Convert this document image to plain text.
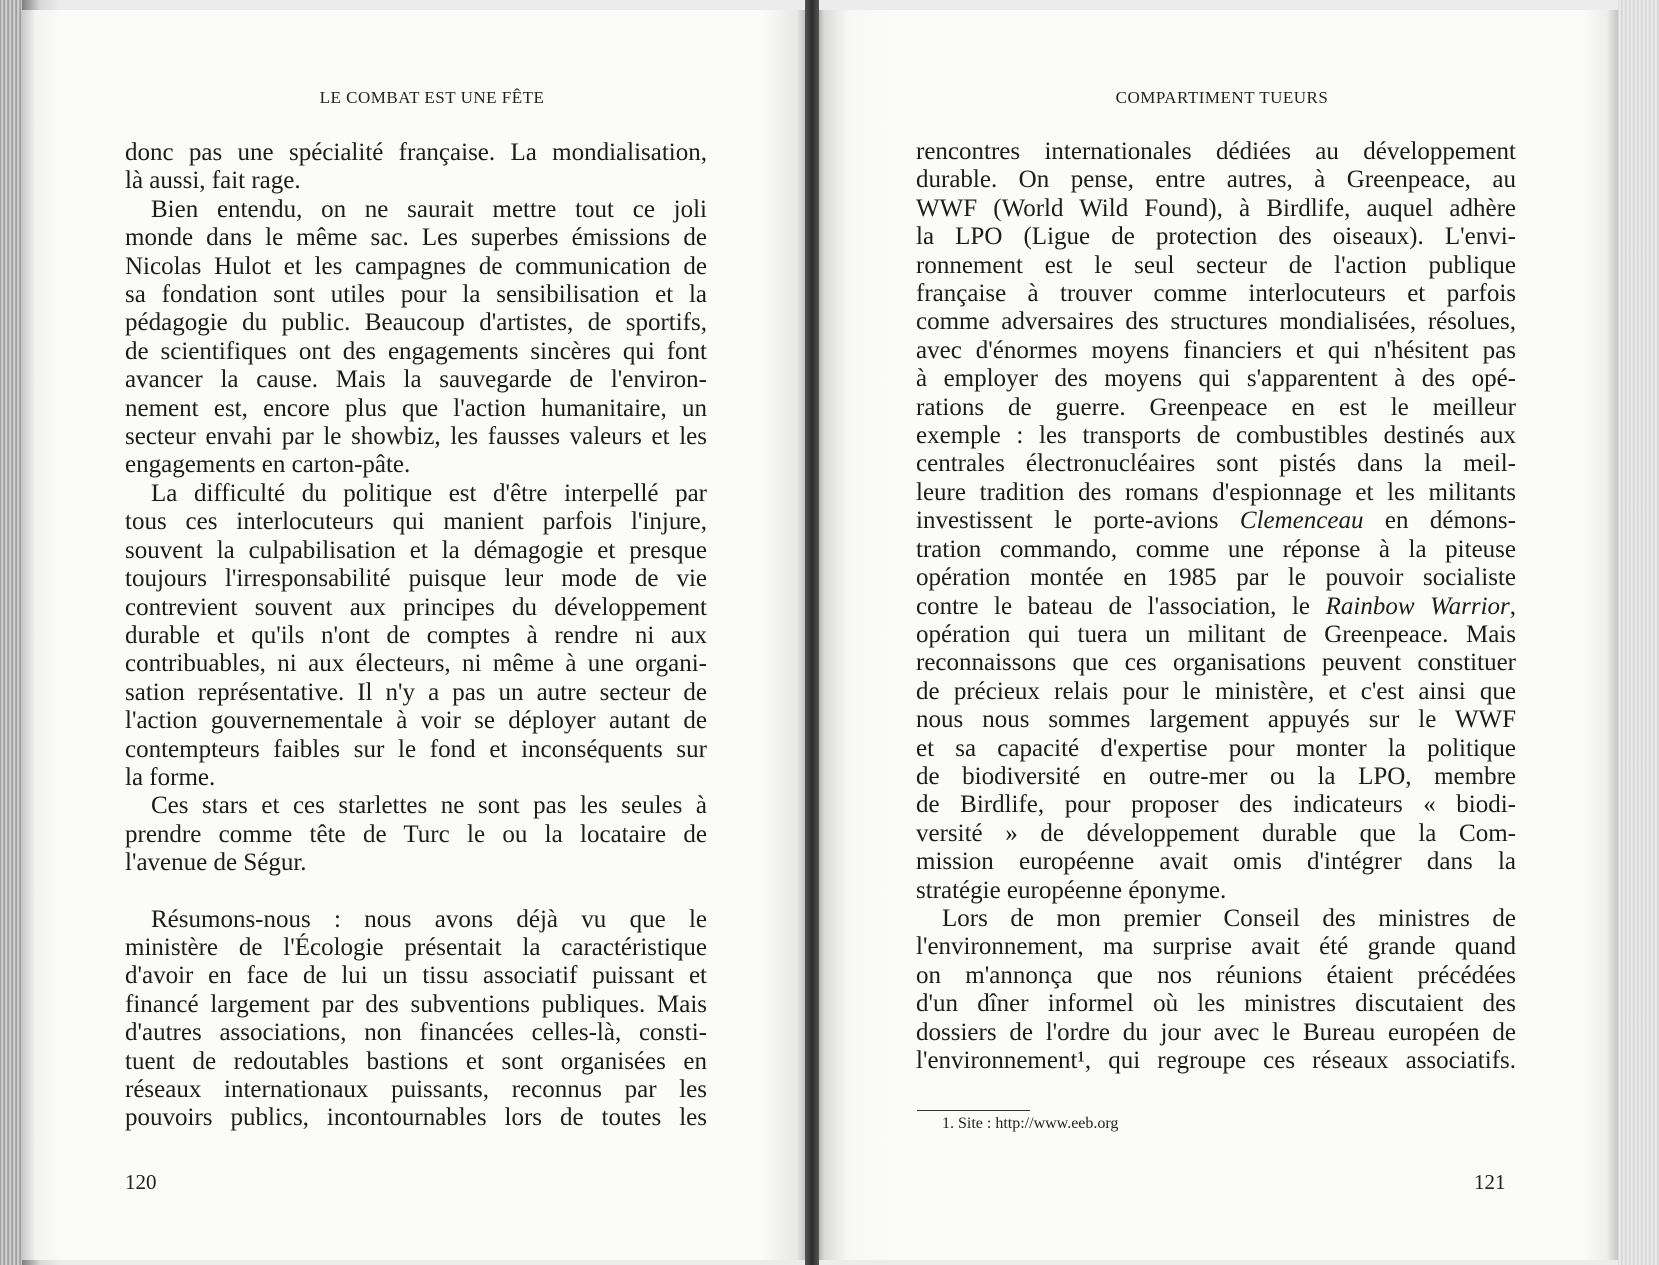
LE COMBAT EST UNE FÊTE
donc pas une spécialité française. La mondialisation,
là aussi, fait rage.
Bien entendu, on ne saurait mettre tout ce joli
monde dans le même sac. Les superbes émissions de
Nicolas Hulot et les campagnes de communication de
sa fondation sont utiles pour la sensibilisation et la
pédagogie du public. Beaucoup d'artistes, de sportifs,
de scientifiques ont des engagements sincères qui font
avancer la cause. Mais la sauvegarde de l'environ-
nement est, encore plus que l'action humanitaire, un
secteur envahi par le showbiz, les fausses valeurs et les
engagements en carton-pâte.
La difficulté du politique est d'être interpellé par
tous ces interlocuteurs qui manient parfois l'injure,
souvent la culpabilisation et la démagogie et presque
toujours l'irresponsabilité puisque leur mode de vie
contrevient souvent aux principes du développement
durable et qu'ils n'ont de comptes à rendre ni aux
contribuables, ni aux électeurs, ni même à une organi-
sation représentative. Il n'y a pas un autre secteur de
l'action gouvernementale à voir se déployer autant de
contempteurs faibles sur le fond et inconséquents sur
la forme.
Ces stars et ces starlettes ne sont pas les seules à
prendre comme tête de Turc le ou la locataire de
l'avenue de Ségur.
Résumons-nous : nous avons déjà vu que le
ministère de l'Écologie présentait la caractéristique
d'avoir en face de lui un tissu associatif puissant et
financé largement par des subventions publiques. Mais
d'autres associations, non financées celles-là, consti-
tuent de redoutables bastions et sont organisées en
réseaux internationaux puissants, reconnus par les
pouvoirs publics, incontournables lors de toutes les
120
COMPARTIMENT TUEURS
rencontres internationales dédiées au développement
durable. On pense, entre autres, à Greenpeace, au
WWF (World Wild Found), à Birdlife, auquel adhère
la LPO (Ligue de protection des oiseaux). L'envi-
ronnement est le seul secteur de l'action publique
française à trouver comme interlocuteurs et parfois
comme adversaires des structures mondialisées, résolues,
avec d'énormes moyens financiers et qui n'hésitent pas
à employer des moyens qui s'apparentent à des opé-
rations de guerre. Greenpeace en est le meilleur
exemple : les transports de combustibles destinés aux
centrales électronucléaires sont pistés dans la meil-
leure tradition des romans d'espionnage et les militants
investissent le porte-avions Clemenceau en démons-
tration commando, comme une réponse à la piteuse
opération montée en 1985 par le pouvoir socialiste
contre le bateau de l'association, le Rainbow Warrior,
opération qui tuera un militant de Greenpeace. Mais
reconnaissons que ces organisations peuvent constituer
de précieux relais pour le ministère, et c'est ainsi que
nous nous sommes largement appuyés sur le WWF
et sa capacité d'expertise pour monter la politique
de biodiversité en outre-mer ou la LPO, membre
de Birdlife, pour proposer des indicateurs « biodi-
versité » de développement durable que la Com-
mission européenne avait omis d'intégrer dans la
stratégie européenne éponyme.
Lors de mon premier Conseil des ministres de
l'environnement, ma surprise avait été grande quand
on m'annonça que nos réunions étaient précédées
d'un dîner informel où les ministres discutaient des
dossiers de l'ordre du jour avec le Bureau européen de
l'environnement¹, qui regroupe ces réseaux associatifs.
1. Site : http://www.eeb.org
121
